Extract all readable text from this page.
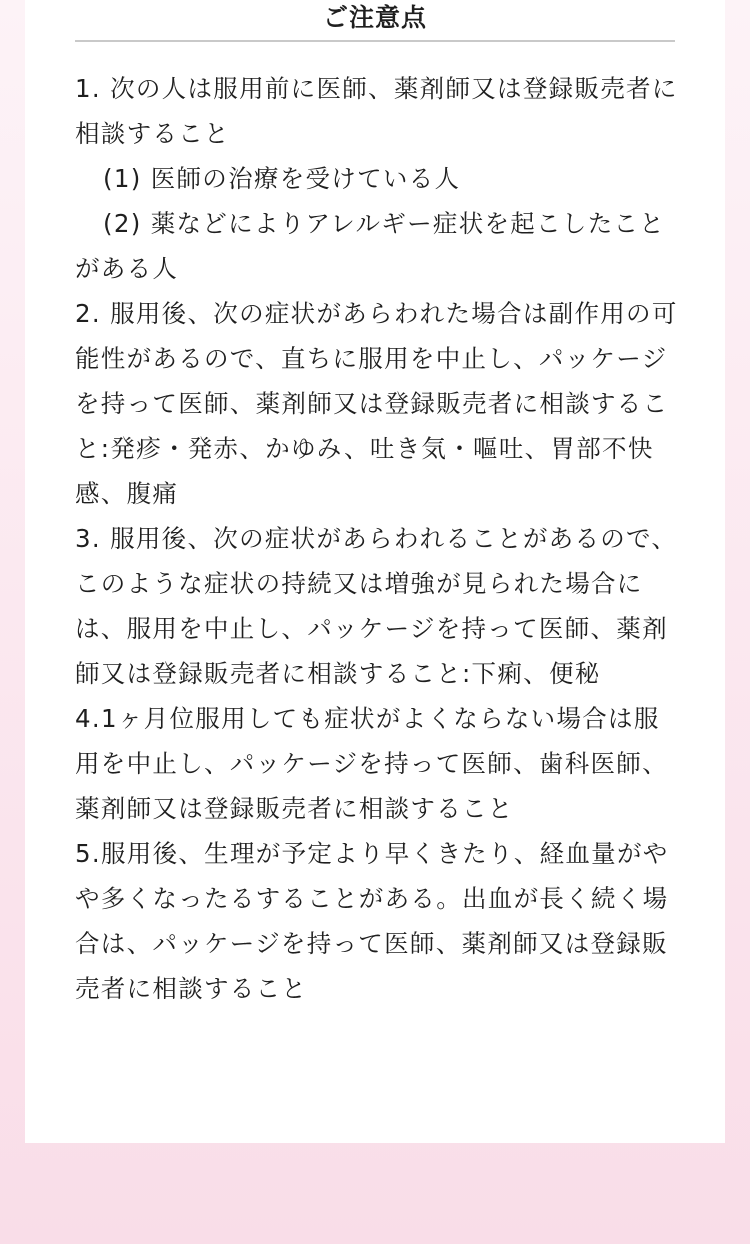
ご注意点

1. 次の人は服用前に医師、薬剤師又は登録販売者に相談すること

(1) 医師の治療を受けている人

(2) 薬などによりアレルギー症状を起こしたこと

がある人

2. 服用後、次の症状があらわれた場合は副作用の可能性があるので、直ちに服用を中止し、パッケージを持って医師、薬剤師又は登録販売者に相談すること:発疹・発赤、かゆみ、吐き気・嘔吐、胃部不快感、腹痛

3. 服用後、次の症状があらわれることがあるので、このような症状の持続又は増強が見られた場合には、服用を中止し、パッケージを持って医師、薬剤師又は登録販売者に相談すること:下痢、便秘

4.1ヶ月位服用しても症状がよくならない場合は服用を中止し、パッケージを持って医師、歯科医師、薬剤師又は登録販売者に相談すること

5.服用後、生理が予定より早くきたり、経血量がやや多くなったるすることがある。出血が長く続く場合は、パッケージを持って医師、薬剤師又は登録販売者に相談すること
